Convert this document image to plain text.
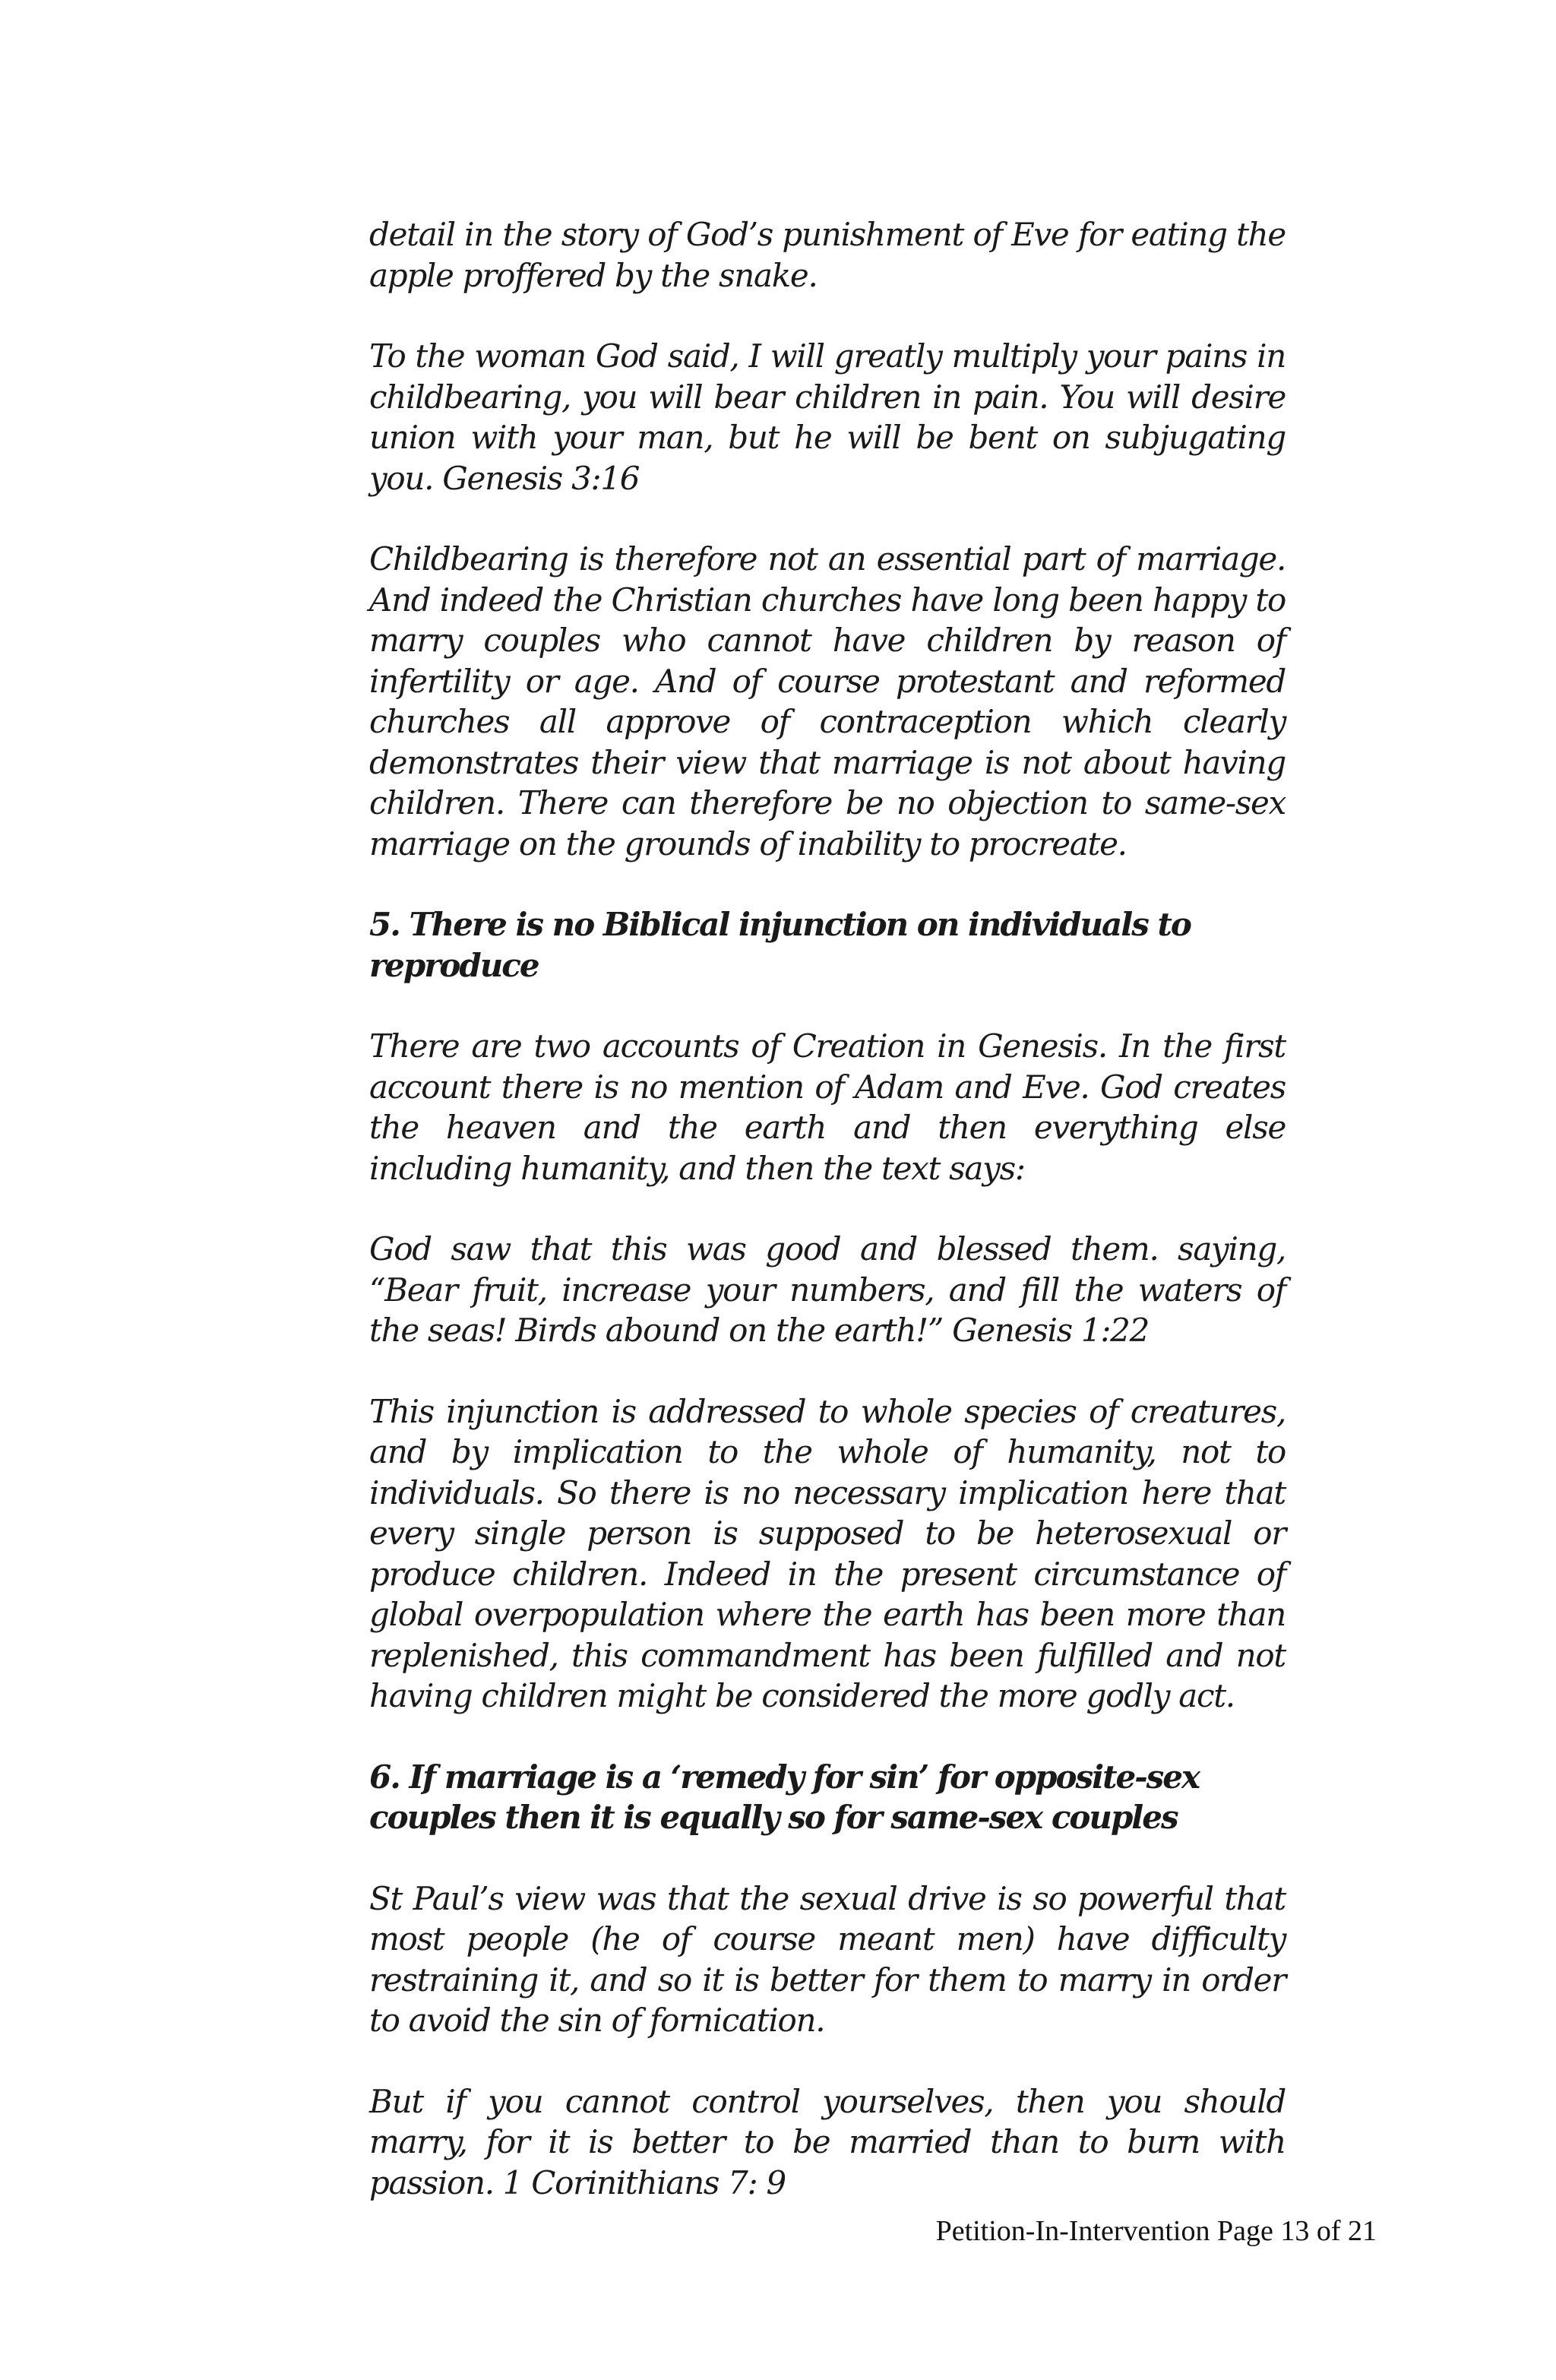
detail in the story of God’s punishment of Eve for eating the apple proffered by the snake.

To the woman God said, I will greatly multiply your pains in childbearing, you will bear children in pain. You will desire union with your man, but he will be bent on subjugating you. Genesis 3:16

Childbearing is therefore not an essential part of marriage. And indeed the Christian churches have long been happy to marry couples who cannot have children by reason of infertility or age. And of course protestant and reformed churches all approve of contraception which clearly demonstrates their view that marriage is not about having children. There can therefore be no objection to same-sex marriage on the grounds of inability to procreate.

5. There is no Biblical injunction on individuals to reproduce

There are two accounts of Creation in Genesis. In the first account there is no mention of Adam and Eve. God creates the heaven and the earth and then everything else including humanity, and then the text says:

God saw that this was good and blessed them. saying, “Bear fruit, increase your numbers, and fill the waters of the seas! Birds abound on the earth!” Genesis 1:22

This injunction is addressed to whole species of creatures, and by implication to the whole of humanity, not to individuals. So there is no necessary implication here that every single person is supposed to be heterosexual or produce children. Indeed in the present circumstance of global overpopulation where the earth has been more than replenished, this commandment has been fulfilled and not having children might be considered the more godly act.

6. If marriage is a ‘remedy for sin’ for opposite-sex couples then it is equally so for same-sex couples

St Paul’s view was that the sexual drive is so powerful that most people (he of course meant men) have difficulty restraining it, and so it is better for them to marry in order to avoid the sin of fornication.

But if you cannot control yourselves, then you should marry, for it is better to be married than to burn with passion. 1 Corinithians 7: 9

Petition-In-Intervention Page 13 of 21
